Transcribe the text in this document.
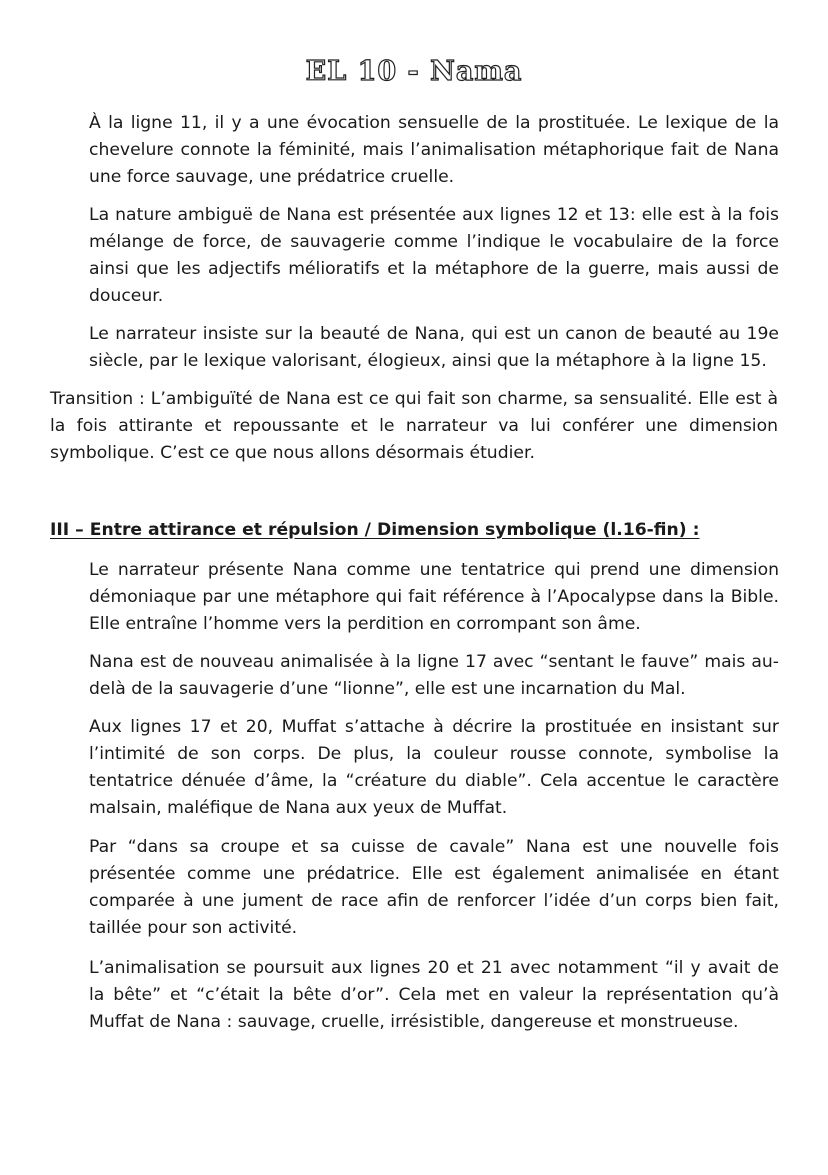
EL 10 - Nama

À la ligne 11, il y a une évocation sensuelle de la prostituée. Le lexique de la chevelure connote la féminité, mais l’animalisation métaphorique fait de Nana une force sauvage, une prédatrice cruelle.

La nature ambiguë de Nana est présentée aux lignes 12 et 13: elle est à la fois mélange de force, de sauvagerie comme l’indique le vocabulaire de la force ainsi que les adjectifs mélioratifs et la métaphore de la guerre, mais aussi de douceur.

Le narrateur insiste sur la beauté de Nana, qui est un canon de beauté au 19e siècle, par le lexique valorisant, élogieux, ainsi que la métaphore à la ligne 15.

Transition : L’ambiguïté de Nana est ce qui fait son charme, sa sensualité. Elle est à la fois attirante et repoussante et le narrateur va lui conférer une dimension symbolique. C’est ce que nous allons désormais étudier.

III – Entre attirance et répulsion / Dimension symbolique (l.16-fin) :

Le narrateur présente Nana comme une tentatrice qui prend une dimension démoniaque par une métaphore qui fait référence à l’Apocalypse dans la Bible. Elle entraîne l’homme vers la perdition en corrompant son âme.

Nana est de nouveau animalisée à la ligne 17 avec “sentant le fauve” mais au-delà de la sauvagerie d’une “lionne”, elle est une incarnation du Mal.

Aux lignes 17 et 20, Muffat s’attache à décrire la prostituée en insistant sur l’intimité de son corps. De plus, la couleur rousse connote, symbolise la tentatrice dénuée d’âme, la “créature du diable”. Cela accentue le caractère malsain, maléfique de Nana aux yeux de Muffat.

Par “dans sa croupe et sa cuisse de cavale” Nana est une nouvelle fois présentée comme une prédatrice. Elle est également animalisée en étant comparée à une jument de race afin de renforcer l’idée d’un corps bien fait, taillée pour son activité.

L’animalisation se poursuit aux lignes 20 et 21 avec notamment “il y avait de la bête” et “c’était la bête d’or”. Cela met en valeur la représentation qu’à Muffat de Nana : sauvage, cruelle, irrésistible, dangereuse et monstrueuse.
